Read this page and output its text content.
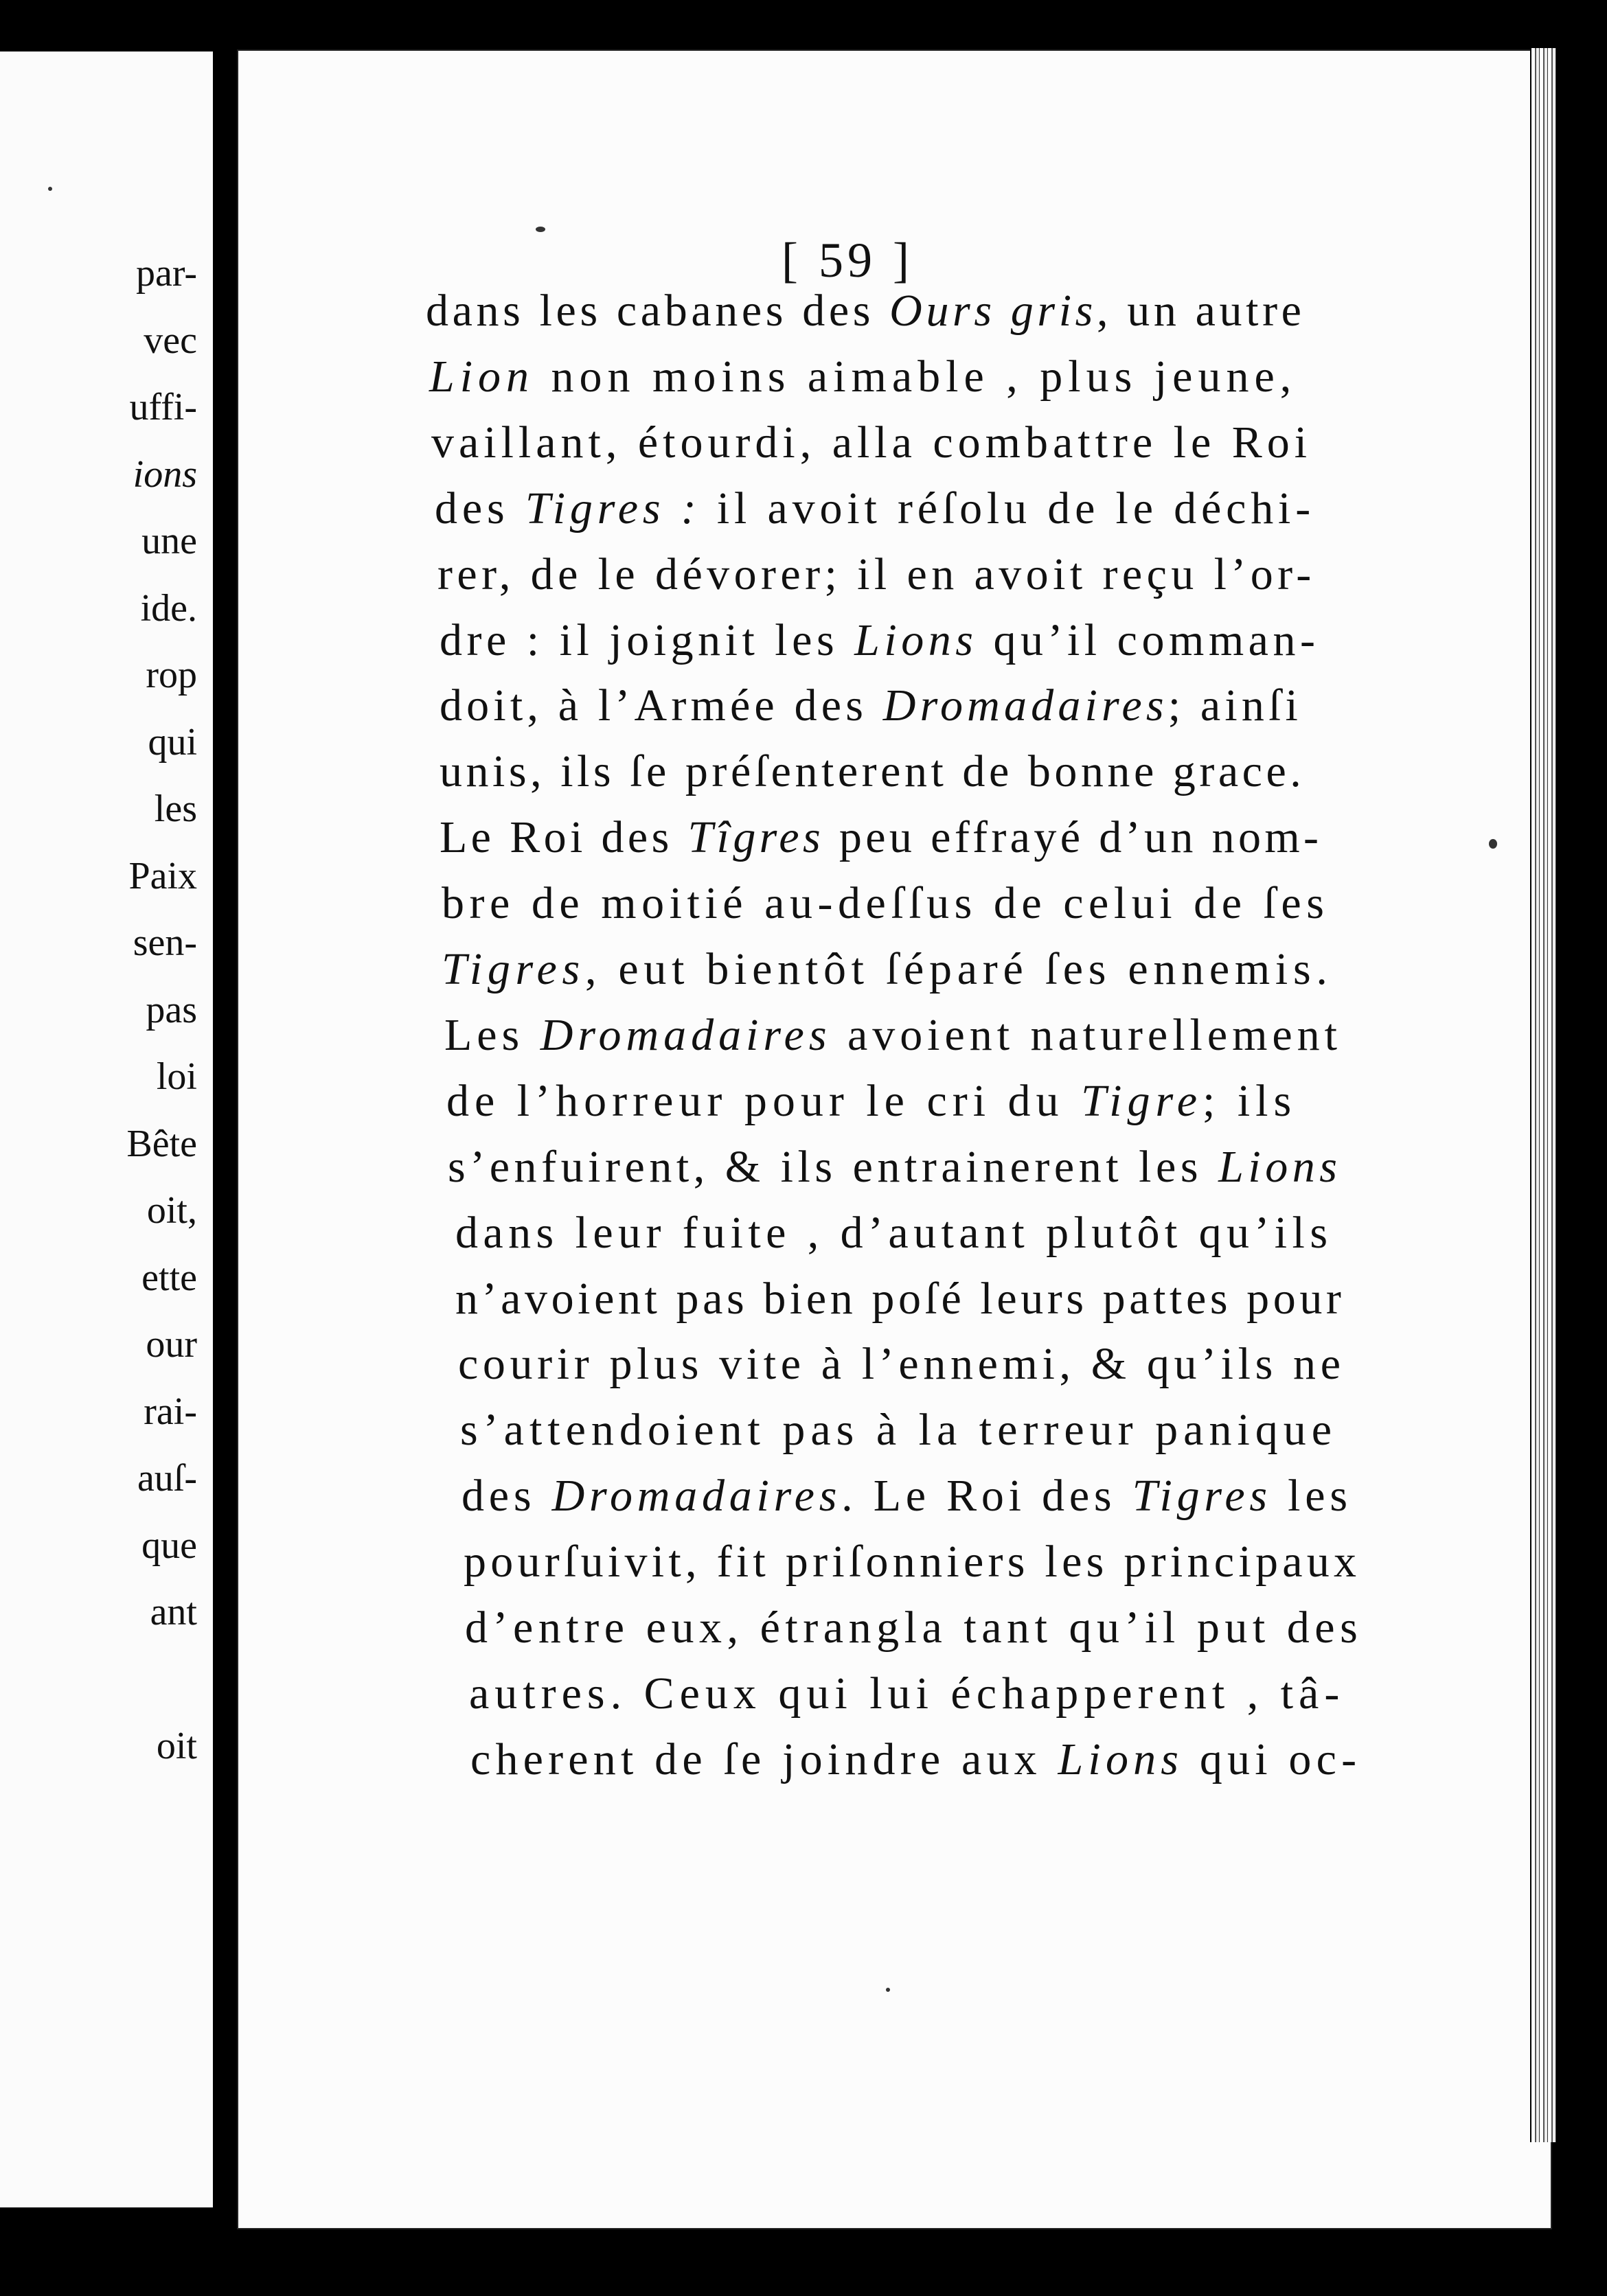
par-
vec
uffi-
ions
une
ide.
rop
qui
les
Paix
sen-
pas
loi
Bête
oit,
ette
our
rai-
auſ-
que
ant
oit
[ 59 ]
dans les cabanes des Ours gris, un autre
Lion non moins aimable , plus jeune,
vaillant, étourdi, alla combattre le Roi
des Tigres : il avoit réſolu de le déchi-
rer, de le dévorer; il en avoit reçu l’or-
dre : il joignit les Lions qu’il comman-
doit, à l’Armée des Dromadaires; ainſi
unis, ils ſe préſenterent de bonne grace.
Le Roi des Tîgres peu effrayé d’un nom-
bre de moitié au-deſſus de celui de ſes
Tigres, eut bientôt ſéparé ſes ennemis.
Les Dromadaires avoient naturellement
de l’horreur pour le cri du Tigre; ils
s’enfuirent, & ils entrainerent les Lions
dans leur fuite , d’autant plutôt qu’ils
n’avoient pas bien poſé leurs pattes pour
courir plus vite à l’ennemi, & qu’ils ne
s’attendoient pas à la terreur panique
des Dromadaires. Le Roi des Tigres les
pourſuivit, fit priſonniers les principaux
d’entre eux, étrangla tant qu’il put des
autres. Ceux qui lui échapperent , tâ-
cherent de ſe joindre aux Lions qui oc-
